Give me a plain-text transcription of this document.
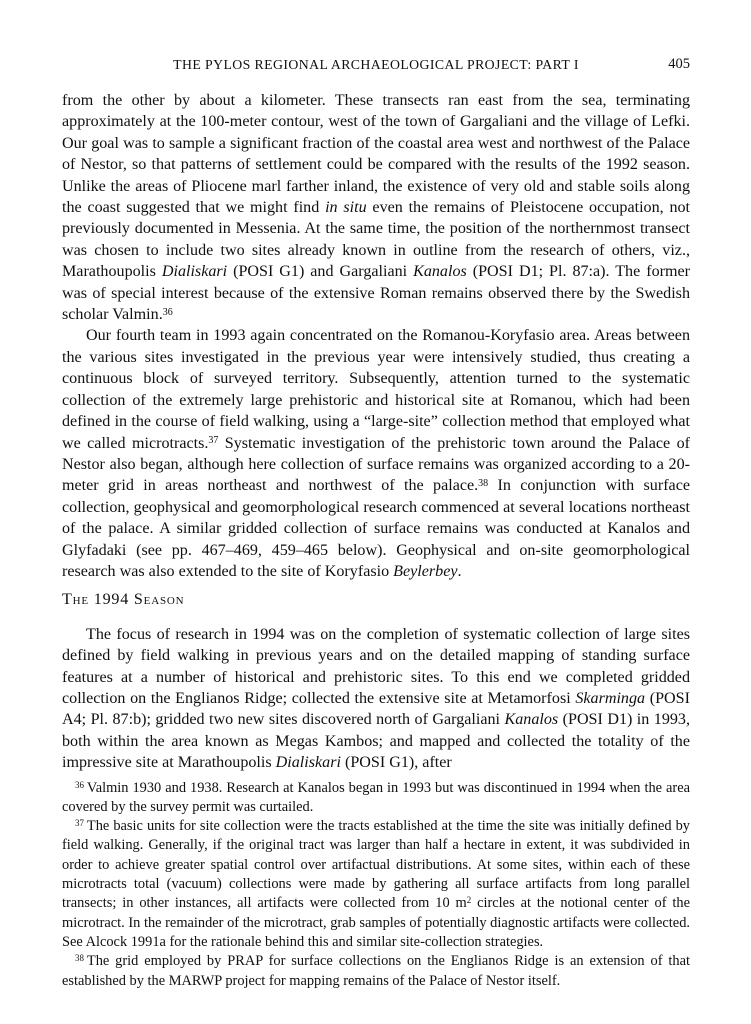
THE PYLOS REGIONAL ARCHAEOLOGICAL PROJECT: PART I	405

from the other by about a kilometer. These transects ran east from the sea, terminating approximately at the 100-meter contour, west of the town of Gargaliani and the village of Lefki. Our goal was to sample a significant fraction of the coastal area west and northwest of the Palace of Nestor, so that patterns of settlement could be compared with the results of the 1992 season. Unlike the areas of Pliocene marl farther inland, the existence of very old and stable soils along the coast suggested that we might find in situ even the remains of Pleistocene occupation, not previously documented in Messenia. At the same time, the position of the northernmost transect was chosen to include two sites already known in outline from the research of others, viz., Marathoupolis Dialiskari (POSI G1) and Gargaliani Kanalos (POSI D1; Pl. 87:a). The former was of special interest because of the extensive Roman remains observed there by the Swedish scholar Valmin.$^{36}$

Our fourth team in 1993 again concentrated on the Romanou-Koryfasio area. Areas between the various sites investigated in the previous year were intensively studied, thus creating a continuous block of surveyed territory. Subsequently, attention turned to the systematic collection of the extremely large prehistoric and historical site at Romanou, which had been defined in the course of field walking, using a “large-site” collection method that employed what we called microtracts.$^{37}$ Systematic investigation of the prehistoric town around the Palace of Nestor also began, although here collection of surface remains was organized according to a 20-meter grid in areas northeast and northwest of the palace.$^{38}$ In conjunction with surface collection, geophysical and geomorphological research commenced at several locations northeast of the palace. A similar gridded collection of surface remains was conducted at Kanalos and Glyfadaki (see pp. 467–469, 459–465 below). Geophysical and on-site geomorphological research was also extended to the site of Koryfasio Beylerbey.

The 1994 Season

The focus of research in 1994 was on the completion of systematic collection of large sites defined by field walking in previous years and on the detailed mapping of standing surface features at a number of historical and prehistoric sites. To this end we completed gridded collection on the Englianos Ridge; collected the extensive site at Metamorfosi Skarminga (POSI A4; Pl. 87:b); gridded two new sites discovered north of Gargaliani Kanalos (POSI D1) in 1993, both within the area known as Megas Kambos; and mapped and collected the totality of the impressive site at Marathoupolis Dialiskari (POSI G1), after

$^{36}$ Valmin 1930 and 1938. Research at Kanalos began in 1993 but was discontinued in 1994 when the area covered by the survey permit was curtailed.

$^{37}$ The basic units for site collection were the tracts established at the time the site was initially defined by field walking. Generally, if the original tract was larger than half a hectare in extent, it was subdivided in order to achieve greater spatial control over artifactual distributions. At some sites, within each of these microtracts total (vacuum) collections were made by gathering all surface artifacts from long parallel transects; in other instances, all artifacts were collected from 10 $m^2$ circles at the notional center of the microtract. In the remainder of the microtract, grab samples of potentially diagnostic artifacts were collected. See Alcock 1991a for the rationale behind this and similar site-collection strategies.

$^{38}$ The grid employed by PRAP for surface collections on the Englianos Ridge is an extension of that established by the MARWP project for mapping remains of the Palace of Nestor itself.
